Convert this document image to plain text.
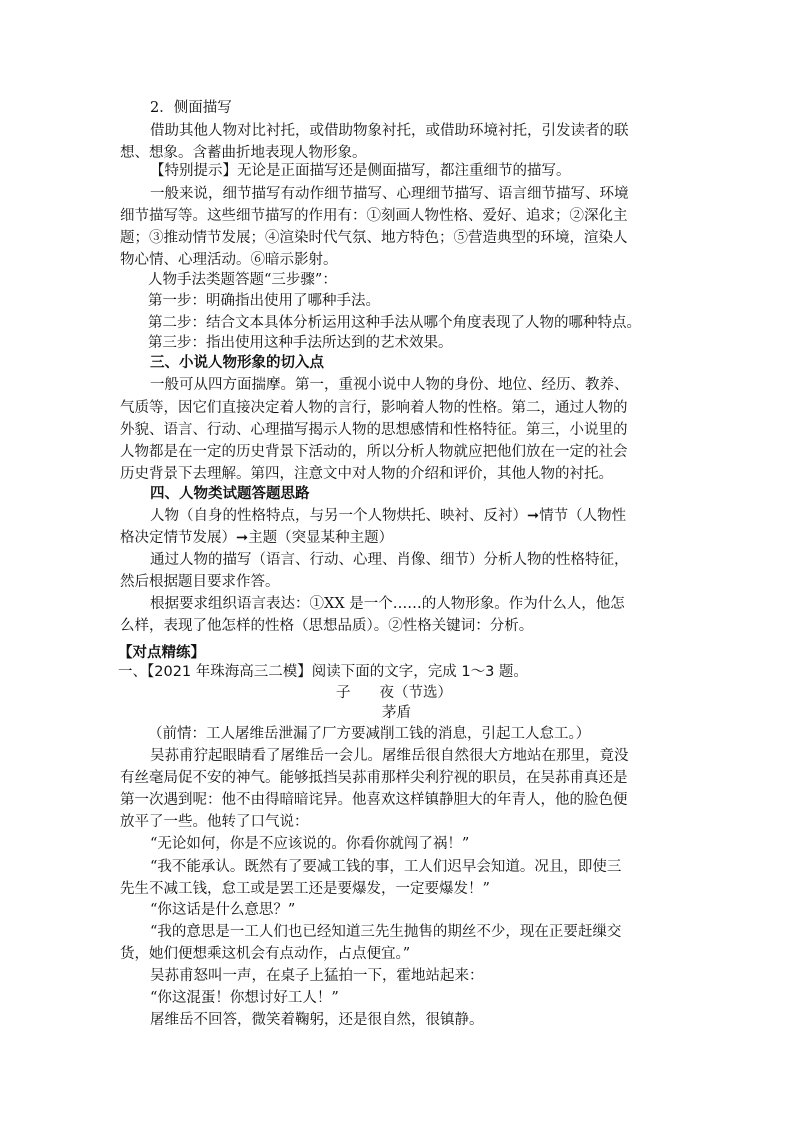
2．侧面描写
借助其他人物对比衬托，或借助物象衬托，或借助环境衬托，引发读者的联
想、想象。含蓄曲折地表现人物形象。
【特别提示】无论是正面描写还是侧面描写，都注重细节的描写。
一般来说，细节描写有动作细节描写、心理细节描写、语言细节描写、环境
细节描写等。这些细节描写的作用有：①刻画人物性格、爱好、追求；②深化主
题；③推动情节发展；④渲染时代气氛、地方特色；⑤营造典型的环境，渲染人
物心情、心理活动。⑥暗示影射。
人物手法类题答题“三步骤”：
第一步：明确指出使用了哪种手法。
第二步：结合文本具体分析运用这种手法从哪个角度表现了人物的哪种特点。
第三步：指出使用这种手法所达到的艺术效果。
三、小说人物形象的切入点
一般可从四方面揣摩。第一，重视小说中人物的身份、地位、经历、教养、
气质等，因它们直接决定着人物的言行，影响着人物的性格。第二，通过人物的
外貌、语言、行动、心理描写揭示人物的思想感情和性格特征。第三，小说里的
人物都是在一定的历史背景下活动的，所以分析人物就应把他们放在一定的社会
历史背景下去理解。第四，注意文中对人物的介绍和评价，其他人物的衬托。
四、人物类试题答题思路
人物（自身的性格特点，与另一个人物烘托、映衬、反衬）➞情节（人物性
格决定情节发展）➞主题（突显某种主题）
通过人物的描写（语言、行动、心理、肖像、细节）分析人物的性格特征，
然后根据题目要求作答。
根据要求组织语言表达：①XX 是一个……的人物形象。作为什么人，他怎
么样，表现了他怎样的性格（思想品质）。②性格关键词：分析。
【对点精练】
一、【2021 年珠海高三二模】阅读下面的文字，完成 1～3 题。
子　　夜（节选）
茅盾
（前情：工人屠维岳泄漏了厂方要减削工钱的消息，引起工人怠工。）
吴荪甫狞起眼睛看了屠维岳一会儿。屠维岳很自然很大方地站在那里，竟没
有丝毫局促不安的神气。能够抵挡吴荪甫那样尖利狞视的职员，在吴荪甫真还是
第一次遇到呢：他不由得暗暗诧异。他喜欢这样镇静胆大的年青人，他的脸色便
放平了一些。他转了口气说：
“无论如何，你是不应该说的。你看你就闯了祸！”
“我不能承认。既然有了要减工钱的事，工人们迟早会知道。况且，即使三
先生不减工钱，怠工或是罢工还是要爆发，一定要爆发！”
“你这话是什么意思？”
“我的意思是一工人们也已经知道三先生抛售的期丝不少，现在正要赶缫交
货，她们便想乘这机会有点动作，占点便宜。”
吴荪甫怒叫一声，在桌子上猛拍一下，霍地站起来：
“你这混蛋！你想讨好工人！”
屠维岳不回答，微笑着鞠躬，还是很自然，很镇静。
